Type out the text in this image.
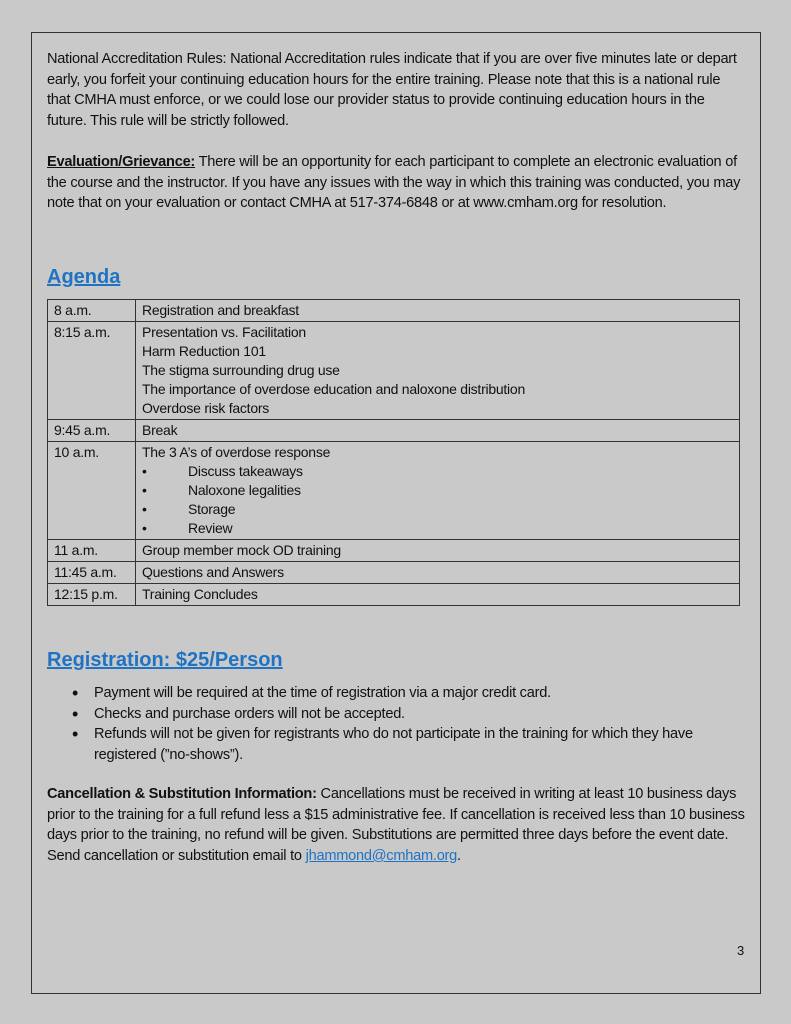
National Accreditation Rules: National Accreditation rules indicate that if you are over five minutes late or depart early, you forfeit your continuing education hours for the entire training. Please note that this is a national rule that CMHA must enforce, or we could lose our provider status to provide continuing education hours in the future. This rule will be strictly followed.
Evaluation/Grievance: There will be an opportunity for each participant to complete an electronic evaluation of the course and the instructor. If you have any issues with the way in which this training was conducted, you may note that on your evaluation or contact CMHA at 517-374-6848 or at www.cmham.org for resolution.
Agenda
8 a.m.	Registration and breakfast

8:15 a.m.	Presentation vs. Facilitation
Harm Reduction 101
The stigma surrounding drug use
The importance of overdose education and naloxone distribution
Overdose risk factors

9:45 a.m.	Break

10 a.m.	The 3 A’s of overdose response
• Discuss takeaways
• Naloxone legalities
• Storage
• Review

11 a.m.	Group member mock OD training

11:45 a.m.	Questions and Answers

12:15 p.m.	Training Concludes
Registration: $25/Person
• Payment will be required at the time of registration via a major credit card.
• Checks and purchase orders will not be accepted.
• Refunds will not be given for registrants who do not participate in the training for which they have registered (”no-shows”).
Cancellation & Substitution Information: Cancellations must be received in writing at least 10 business days prior to the training for a full refund less a $15 administrative fee. If cancellation is received less than 10 business days prior to the training, no refund will be given. Substitutions are permitted three days before the event date. Send cancellation or substitution email to jhammond@cmham.org.
3
